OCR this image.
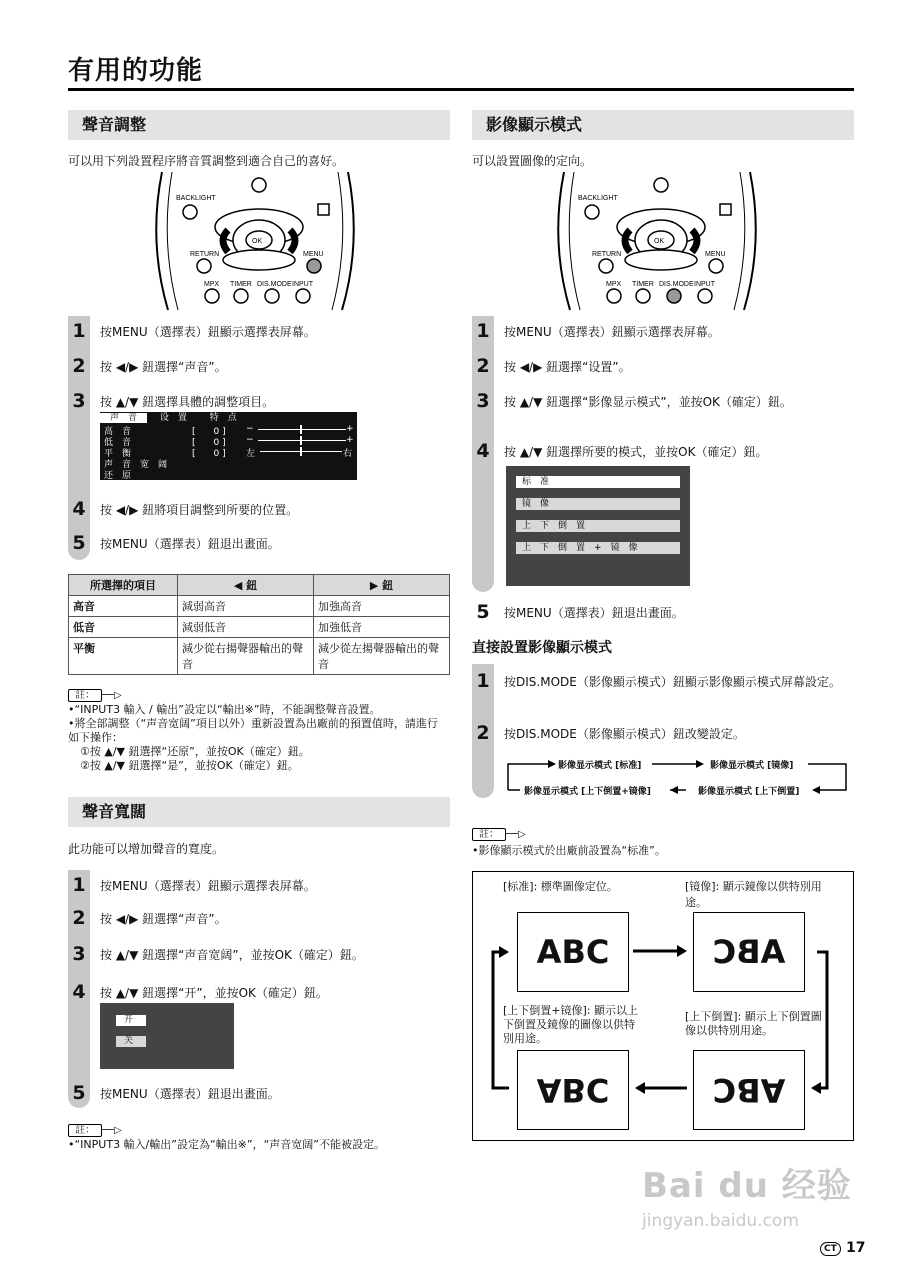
有用的功能
聲音調整
可以用下列設置程序將音質調整到適合自己的喜好。
BACKLIGHT
OK
RETURN	MENU
MPX TIMER DIS.MODE INPUT
1	按MENU（選擇表）鈕顯示選擇表屏幕。
2	按 ◀/▶ 鈕選擇“声音”。
3	按 ▲/▼ 鈕選擇具體的調整項目。
声　音	设　置	特　点
高　音	[　　0 ] −	+
低　音	[　　0 ] −	+
平　衡	[　　0 ] 左	右
声　音　宽　阔
还　原
4	按 ◀/▶ 鈕將項目調整到所要的位置。
5	按MENU（選擇表）鈕退出畫面。
所選擇的項目	◀ 鈕	▶ 鈕
高音	減弱高音	加強高音
低音	減弱低音	加強低音
平衡	減少從右揚聲器輸出的聲音	減少從左揚聲器輸出的聲音
註： ──▷
•“INPUT3 輸入 / 輸出”設定以“輸出※”時，不能調整聲音設置。
•將全部調整（“声音宽阔”項目以外）重新設置為出廠前的預置值時，請進行如下操作：
①按 ▲/▼ 鈕選擇“还原”，並按OK（確定）鈕。
②按 ▲/▼ 鈕選擇“是”，並按OK（確定）鈕。
聲音寬闊
此功能可以增加聲音的寬度。
1	按MENU（選擇表）鈕顯示選擇表屏幕。
2	按 ◀/▶ 鈕選擇“声音”。
3	按 ▲/▼ 鈕選擇“声音宽阔”，並按OK（確定）鈕。
4	按 ▲/▼ 鈕選擇“开”，並按OK（確定）鈕。
开
关
5	按MENU（選擇表）鈕退出畫面。
註： ──▷
•“INPUT3 輸入/輸出”設定為“輸出※”，“声音宽阔”不能被設定。
影像顯示模式
可以設置圖像的定向。
BACKLIGHT
OK
RETURN	MENU
MPX TIMER DIS.MODE INPUT
1	按MENU（選擇表）鈕顯示選擇表屏幕。
2	按 ◀/▶ 鈕選擇“设置”。
3	按 ▲/▼ 鈕選擇“影像显示模式”，並按OK（確定）鈕。
4	按 ▲/▼ 鈕選擇所要的模式，並按OK（確定）鈕。
标　准
镜　像
上　下　倒　置
上　下　倒　置　+　镜　像
5	按MENU（選擇表）鈕退出畫面。
直接設置影像顯示模式
1	按DIS.MODE（影像顯示模式）鈕顯示影像顯示模式屏幕設定。
2	按DIS.MODE（影像顯示模式）鈕改變設定。
影像显示模式 [标准]	影像显示模式 [镜像]
影像显示模式 [上下倒置]
影像显示模式 [上下倒置+镜像]
註： ──▷
•影像顯示模式於出廠前設置為“标准”。
[标准]: 標準圖像定位。	[镜像]: 顯示鏡像以供特別用途。
ABC	ABC
[上下倒置+镜像]: 顯示以上下倒置及鏡像的圖像以供特別用途。
[上下倒置]: 顯示上下倒置圖像以供特別用途。
ABC	ABC
Bai du 经验
jingyan.baidu.com
CT 17
